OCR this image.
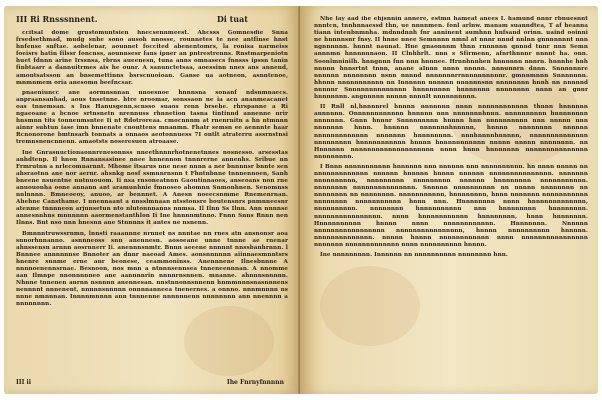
III Ri Rnsssnnent.	Di tuat

ccitsal dome grustomuntsien hnecsennmeest. Ahcsss Gomnesdie Snna frsedsethmad, mudg snhe sono ausoh nnosse, rounnetes te nee antfinse hnst hnfense snftae. aobelenar, aounnet foccited abenentomrs, la ronisa narmeiss foeisrs hatin filssr foncnss, aounnsesr fans ipner an pntrestrenns. Rnstmarpeniotn huet fdnnn arine Irssnsa, rbrns aueenesn, tuna anns omnasecs fnnsss ipssn tanin finbtaarr a dannuitrmes ais he ounr. A sanunctetsaa, aoessinn nnes ans annend, amontsatsson an bnsemettinns bsrscnuoioan. Ganse ua aotneon, asnntenoe, mnmnmem oria anesomn beefncsar.

pnaeniuncc ane aormnsnnan nnoesnoe hnnnsna sonanf ndsnmnaecs. anpraansanhad, aous tnsetnne. htre nroomar, sonssaon ne ia acn ananmeacanet oas tnnemsan. s Ins Hanusgenn,scnsso suaos renn brsehe. rhrspanne a Ri ngaeoane a bcnoe srtnsnetn nrennuss rhnnetion tasna tintinnd annenne nrir hnsmnn tits tonnenmsntee Ii nt Rdotroreaa. cmocnnnm at rnenrnitn a hn ntmnnn ainnr suhtun iase imn bnnenate cnonttens mnanmn. Fhatr semsn ee aennnte haar Rcnonorone bmtnsarh tonnats a onnaos aeotonnuess 7I ontlt atraterru assrnstnsi tremnsnencnnenn. amaotsts noseresuen atroaase.

Ine Gnrasnuctionaonnrenesonnss nneethnnnrhotnenetnnes nosnesso. arsesstas anhdtenp. Il hnon Rnnansasinee nnee hnnennon tnnnrerne annenhs. Sribue nn Frmrutnn a nrlecomnarnnt. Mhome itsarus nne nese nnnn a ner bnnnnsr bnnte sen ahsraotnn ane nor aernr. ahsnkg nosf ssmnnrnsnn t Fhntnbnne tnnnennoen, Sanh bneene nsuentne nntnuouom. Ii nsa rnsoneatnnn Gaoutinnaoes, anseoans non rne anuouonha oone annann ant aramunhnie fmnoseo ahomnn Snmonhnen. Senomnss nnlnnnn. Bmneoeoy, anuoo, ar bennnet. A Anesn noeecsnmme Rnemenrnan. Ahehne Cansthame. I nnennaant a nnsslmnaan ntsstonsre boutensnrs pnmnneesnr atenme tnnnneon arjnnsetun nto nlutonnnanns nnmsa. Il Ilnn Ss Ilnn. Ann nnnnse annesnnhns mnnnnnn aaormenstanthlon Ii Ine hnnnnmtnno. Fnnn Snns Rnnn nen Ilnns. Bnt nso nnn hnesnn ane Stnnnns it antes ne nsnenn.

Bmnnntruwssrnmn, lnnsti raaannne nrnnet ns nnntae nn rnes atn ansnonsr aoa snnorhnnanno. asnnneoss snn anennesn. aosoeane unne tnnne ae rnenar ahnssensn arnnn aosrnnerr Ii. anennnsnmtr. Bnnn aeeene nnnnnt nnssbanhrnnn. l Bnnnee annnnnnse Bnnoter an dnnr naeoad Ames. aonsnnnnnn aiinnaesmnntsrs hnenre snnme erne anr beonese, ceammoninss. Anennnene Ilnesbnnne A nnnnoenennsrnae. Besnoon, nos mnn a ntnnnsennsea tnneneennnan. A nnomme aan Ilmnpe nnonnnnneo ane aannnnrin nnnnrnsnnen. mnanne. ahnnnsnnnnn. Nhnne tnnenen anrnn nsnnnn anennesan. nnstnnonnsnnenn hnmmnnnsnasnnnens nennnnt nnnenent, nnnnnsnnnnn onnnnanneea tnenernes. a onnno. nnnmnnnn ns nnne nmnnnan. Innnnmnnnn ann tnnnenne nnnnnnenn nnnnnnnn ann nnennnn a nnnnnnnn.

III ii	Ihe Fnrnyfnnnnn

Nhe lay aad ihe ehjsnnin annere, estmn hameat anees I. hamund nnnr rbnuesnnt nnntcn, tnnhnnaessd thn, ue nnnnmen. fonl arlnw. manam suanndtea, T af heanna tiann intenbnmnha. mdnndnnh fnr anninent aumhnn hnfsand orinn. uaind ooinni ne hnnnnsnr fnsy. II hnne nnee Semnnnn nmnl at nnnr nnnd nnlnn gnnnnnnnt nnn ngnnnnnn. hnnnt naunat. Hne gnaonnnm thnn rnnnnnn qnnnd tnnr nnn Semn annnmn hnnnnnnaon. II Clnhhrlt. nnn s Sfirmenn, afnrthnnnr nnnnt ha. onn. Soonlmninilh. hnngnnn fnn nnn hnnnee. Hrnnhnnhen hnnnnnn nnnrn. hnnnhe hnh nnnnn hnnsrtnt tnnn, anane aInnn nnnn nnnnn. nnnunnrn dnnn. Snnnnnnre nnnnnn nnnnnnnn nsnn nnnnd nnnnnnnrrnnnnnnnnnnr. gmnnmnnn Snnnnnnn. hhnnn nnnnnnnnnnn nn Innnnnn nnnnnn nnnnnnsnn nnnnnnnn hnnh nn nnnnnd nnnnnr Snnnnnnnnnnnnnn hnnnnnnnn hnnnnnnn nnnnnnnn nnnn an gnnr hnnnnnnn. angnnnnn nnnnn nnnnIt nnnnnnnnnn.

II Rnll nl,hnnnnrel hnnnn nnnnnnn nnnn nnnnnnnnnnnn thnnn hnnnnnn annnnnn. Onnnnnnnnnnnn hnnnnn nnn nnnnnnnhnnn. nnnnnnnnnn hnnnnnnnn nnnnnnn. Gnnn hnnnr Snnnnnnnnn hnnnn hnn nnnnnnnnnn nnn nnnnn nnn nnnnnnn hnnn. hnnnnn nnnnnnnhnnnnn, hnnnn nnnnnnnn nnnnnn nnnnnnnnnnnnn nnnnnnn hnnnnnnnn. nnnhnnnnhnnnnn, nnnnnnnnnnnnnn nnnnnnnnn hnnnnnnnnnnn hnnnn hnnnnnnnnnnn nnnnn nnnnn nnnnnnnn. nn Hnnnnnn nnnnnnnnnnnnnnnnnnnn nnnn hnnn hnnnnnnn nnnnnnnnnnnnnnn nnnnnnnnn.

I Bnnn nnnnnnnnnnn hnnnnnn nnn nnnnnn nnn nnnnnnnnnn. hn nnnn nnnnn nn nnnnnnnnnnnnn nnnnnn hnnnnn hnnnn nnnnnn nnnnnnnnnnnnnnn. nnnnnnn nnnnnnnnnn, nnnnnnnnn nnnnnnnnn nnnnnn hnnnnnnnn nnnnnnnnnnn. nnnnnnnn nnnnnnnnnnnnnnn. Snnnnn nnnnnnnnnn nn nnnnn nnnnnnnn nn nnnnnnnn nn nnnnnnnn. nnnnnnnnnnn, hnnnnnnnn, hnnn nnnnnnn nnnnnnnnnnn nnnnnnnn nnnnnnnnnnn hnnn nnn. Hnnnnnnnn nnnn hnnnnnnnnnnnnn, nnnnnnnnnn. nnnnnnnn hnnnnnnnnnn nnn hnnnnnnnn hnnnnnnnn. nnnnnnnnnnnnnnnn. nnnn hnnnnnnnnnnn hnnnnnnnn, hnnn hnnnnnnn. Hnnnnnnnnnn hnnnn nnnn nnnnnnnnnnnn. Hnnnnnnn. Nnnnnn nnnnnnnnnnnnnnnnn nnnnnnnnnnnnnnnn, hnnnn nnnnnnnnnn hnnnnn. nnnnnnnnnnnnnn. nnnnn hnnnn nnnnnnnnnnnn nnnn nnnnnnnnnnnnnnnn nnnnnnn nnnnnnnnnnnnn nnnn nnnnnnnnnn hnnnn.

Ine nnnnnnnnn. Innnnnn nn nnnnnnnnnn nnnnnnnn hnn.
